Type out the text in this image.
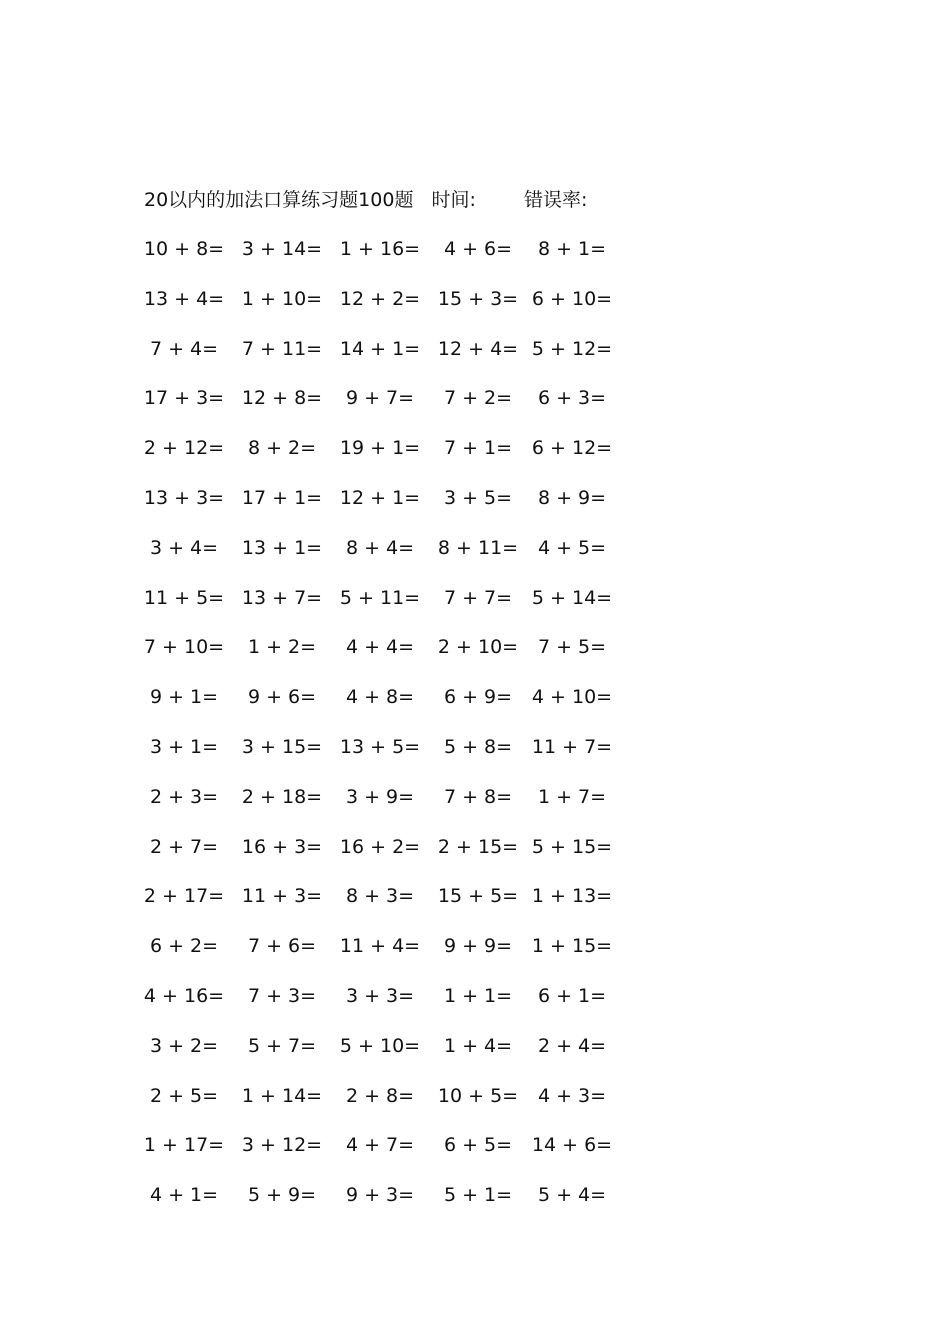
20以内的加法口算练习题100题 时间:	错误率:
10 + 8= 3 + 14= 1 + 16=	4 + 6=	8 + 1=
13 + 4= 1 + 10= 12 + 2= 15 + 3= 6 + 10=
7 + 4=	7 + 11= 14 + 1= 12 + 4= 5 + 12=
17 + 3= 12 + 8=	9 + 7=	7 + 2=	6 + 3=
2 + 12=	8 + 2=	19 + 1=	7 + 1=	6 + 12=
13 + 3= 17 + 1= 12 + 1=	3 + 5=	8 + 9=
3 + 4=	13 + 1=	8 + 4=	8 + 11=	4 + 5=
11 + 5= 13 + 7= 5 + 11=	7 + 7=	5 + 14=
7 + 10=	1 + 2=	4 + 4=	2 + 10=	7 + 5=
9 + 1=	9 + 6=	4 + 8=	6 + 9=	4 + 10=
3 + 1=	3 + 15= 13 + 5=	5 + 8=	11 + 7=
2 + 3=	2 + 18=	3 + 9=	7 + 8=	1 + 7=
2 + 7=	16 + 3= 16 + 2= 2 + 15= 5 + 15=
2 + 17= 11 + 3=	8 + 3=	15 + 5= 1 + 13=
6 + 2=	7 + 6=	11 + 4=	9 + 9=	1 + 15=
4 + 16=	7 + 3=	3 + 3=	1 + 1=	6 + 1=
3 + 2=	5 + 7=	5 + 10=	1 + 4=	2 + 4=
2 + 5=	1 + 14=	2 + 8=	10 + 5=	4 + 3=
1 + 17= 3 + 12=	4 + 7=	6 + 5=	14 + 6=
4 + 1=	5 + 9=	9 + 3=	5 + 1=	5 + 4=
